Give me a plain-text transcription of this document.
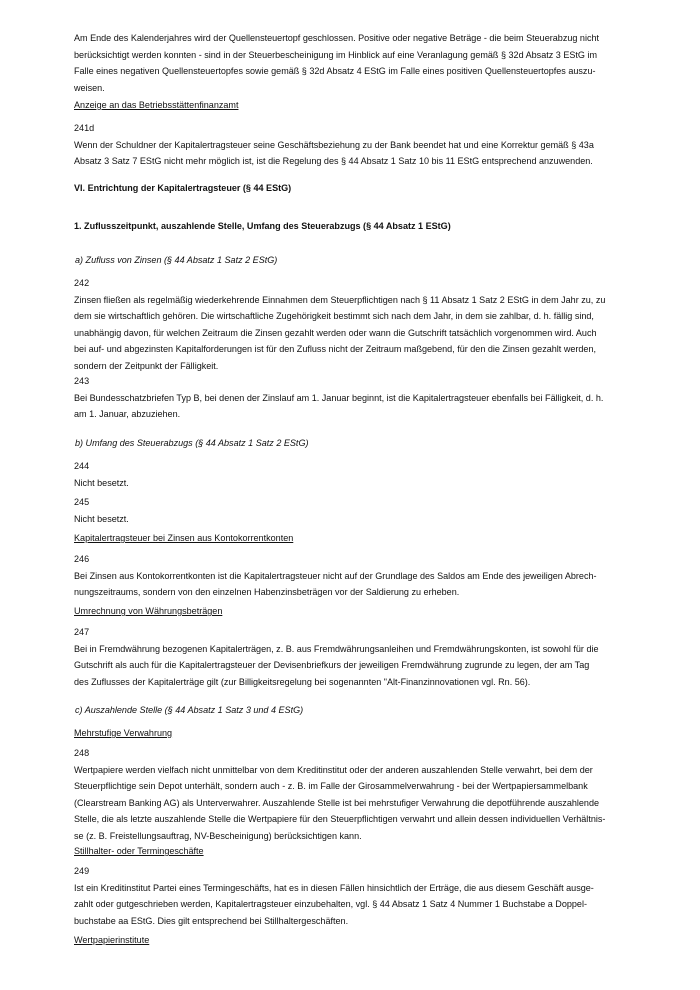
Am Ende des Kalenderjahres wird der Quellensteuertopf geschlossen. Positive oder negative Beträge - die beim Steuerabzug nicht

berücksichtigt werden konnten - sind in der Steuerbescheinigung im Hinblick auf eine Veranlagung gemäß § 32d Absatz 3 EStG im

Falle eines negativen Quellensteuertopfes sowie gemäß § 32d Absatz 4 EStG im Falle eines positiven Quellensteuertopfes auszu-

weisen.

Anzeige an das Betriebsstättenfinanzamt

241d

Wenn der Schuldner der Kapitalertragsteuer seine Geschäftsbeziehung zu der Bank beendet hat und eine Korrektur gemäß § 43a

Absatz 3 Satz 7 EStG nicht mehr möglich ist, ist die Regelung des § 44 Absatz 1 Satz 10 bis 11 EStG entsprechend anzuwenden.

VI. Entrichtung der Kapitalertragsteuer (§ 44 EStG)

1. Zuflusszeitpunkt, auszahlende Stelle, Umfang des Steuerabzugs (§ 44 Absatz 1 EStG)

a) Zufluss von Zinsen (§ 44 Absatz 1 Satz 2 EStG)

242

Zinsen fließen als regelmäßig wiederkehrende Einnahmen dem Steuerpflichtigen nach § 11 Absatz 1 Satz 2 EStG in dem Jahr zu, zu

dem sie wirtschaftlich gehören. Die wirtschaftliche Zugehörigkeit bestimmt sich nach dem Jahr, in dem sie zahlbar, d. h. fällig sind,

unabhängig davon, für welchen Zeitraum die Zinsen gezahlt werden oder wann die Gutschrift tatsächlich vorgenommen wird. Auch

bei auf- und abgezinsten Kapitalforderungen ist für den Zufluss nicht der Zeitraum maßgebend, für den die Zinsen gezahlt werden,

sondern der Zeitpunkt der Fälligkeit.

243

Bei Bundesschatzbriefen Typ B, bei denen der Zinslauf am 1. Januar beginnt, ist die Kapitalertragsteuer ebenfalls bei Fälligkeit, d. h.

am 1. Januar, abzuziehen.

b) Umfang des Steuerabzugs (§ 44 Absatz 1 Satz 2 EStG)

244

Nicht besetzt.

245

Nicht besetzt.

Kapitalertragsteuer bei Zinsen aus Kontokorrentkonten

246

Bei Zinsen aus Kontokorrentkonten ist die Kapitalertragsteuer nicht auf der Grundlage des Saldos am Ende des jeweiligen Abrech-

nungszeitraums, sondern von den einzelnen Habenzinsbeträgen vor der Saldierung zu erheben.

Umrechnung von Währungsbeträgen

247

Bei in Fremdwährung bezogenen Kapitalerträgen, z. B. aus Fremdwährungsanleihen und Fremdwährungskonten, ist sowohl für die

Gutschrift als auch für die Kapitalertragsteuer der Devisenbriefkurs der jeweiligen Fremdwährung zugrunde zu legen, der am Tag

des Zuflusses der Kapitalerträge gilt (zur Billigkeitsregelung bei sogenannten "Alt-Finanzinnovationen vgl. Rn. 56).

c) Auszahlende Stelle (§ 44 Absatz 1 Satz 3 und 4 EStG)

Mehrstufige Verwahrung

248

Wertpapiere werden vielfach nicht unmittelbar von dem Kreditinstitut oder der anderen auszahlenden Stelle verwahrt, bei dem der

Steuerpflichtige sein Depot unterhält, sondern auch - z. B. im Falle der Girosammelverwahrung - bei der Wertpapiersammelbank

(Clearstream Banking AG) als Unterverwahrer. Auszahlende Stelle ist bei mehrstufiger Verwahrung die depotführende auszahlende

Stelle, die als letzte auszahlende Stelle die Wertpapiere für den Steuerpflichtigen verwahrt und allein dessen individuellen Verhältnis-

se (z. B. Freistellungsauftrag, NV-Bescheinigung) berücksichtigen kann.

Stillhalter- oder Termingeschäfte

249

Ist ein Kreditinstitut Partei eines Termingeschäfts, hat es in diesen Fällen hinsichtlich der Erträge, die aus diesem Geschäft ausge-

zahlt oder gutgeschrieben werden, Kapitalertragsteuer einzubehalten, vgl. § 44 Absatz 1 Satz 4 Nummer 1 Buchstabe a Doppel-

buchstabe aa EStG. Dies gilt entsprechend bei Stillhaltergeschäften.

Wertpapierinstitute
